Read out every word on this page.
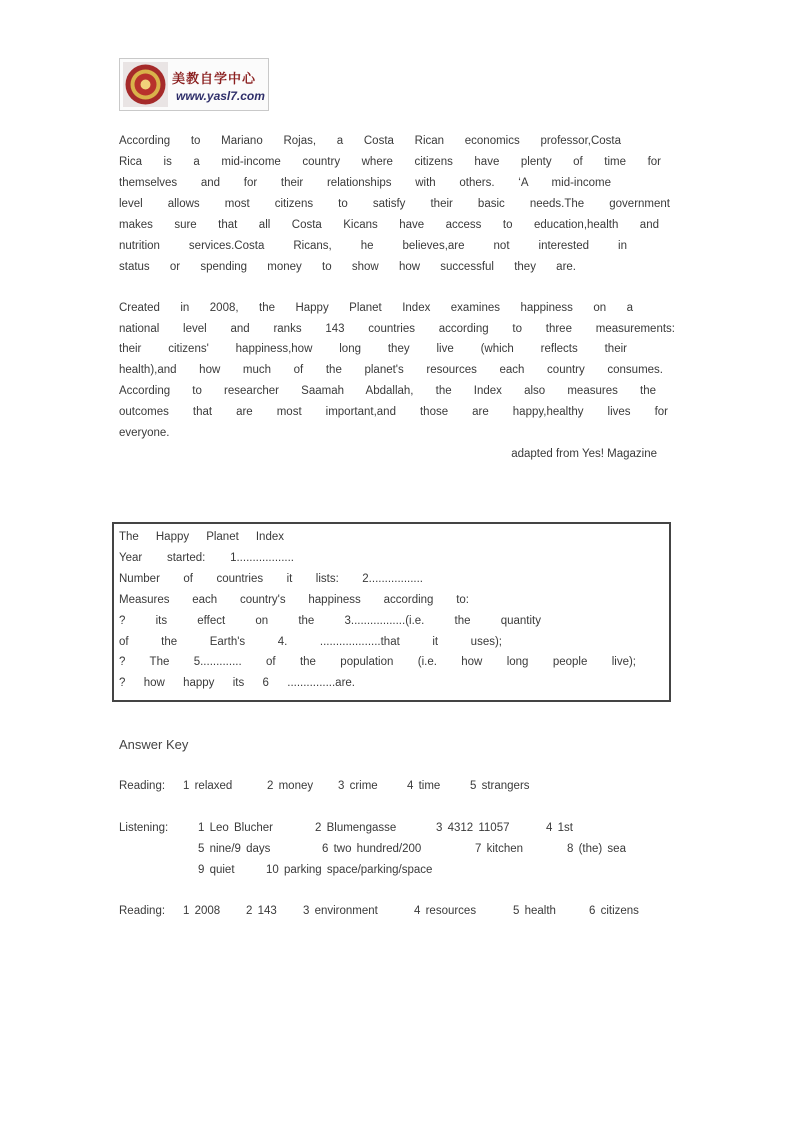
美教自学中心
www.yasl7.com
According to Mariano Rojas, a Costa Rican economics professor,Costa
Rica is a mid-income country where citizens have plenty of time for
themselves and for their relationships with others. ‘A mid-income
level allows most citizens to satisfy their basic needs.The government
makes sure that all Costa Kicans have access to education,health and
nutrition services.Costa Ricans, he believes,are not interested in
status or spending money to show how successful they are.
Created in 2008, the Happy Planet Index examines happiness on a
national level and ranks 143 countries according to three measurements:
their citizens' happiness,how long they live (which reflects their
health),and how much of the planet's resources each country consumes.
According to researcher Saamah Abdallah, the Index also measures the
outcomes that are most important,and those are happy,healthy lives for
everyone.
adapted from Yes! Magazine
The Happy Planet Index
Year started: 1..................
Number of countries it lists: 2.................
Measures each country's happiness according to:
? its effect on the 3.................(i.e. the quantity
of the Earth's 4. ...................that it uses);
? The 5............. of the population (i.e. how long people live);
? how happy its 6 ...............are.
Answer Key
Reading: 1 relaxed	2 money 3 crime	4 time	5 strangers
Listening:	1 Leo Blucher	2 Blumengasse	3 4312 11057	4 1st
5 nine/9 days	6 two hundred/200	7 kitchen	8 (the) sea
9 quiet	10 parking space/parking/space
Reading: 1 2008 2 143 3 environment	4 resources	5 health	6 citizens
